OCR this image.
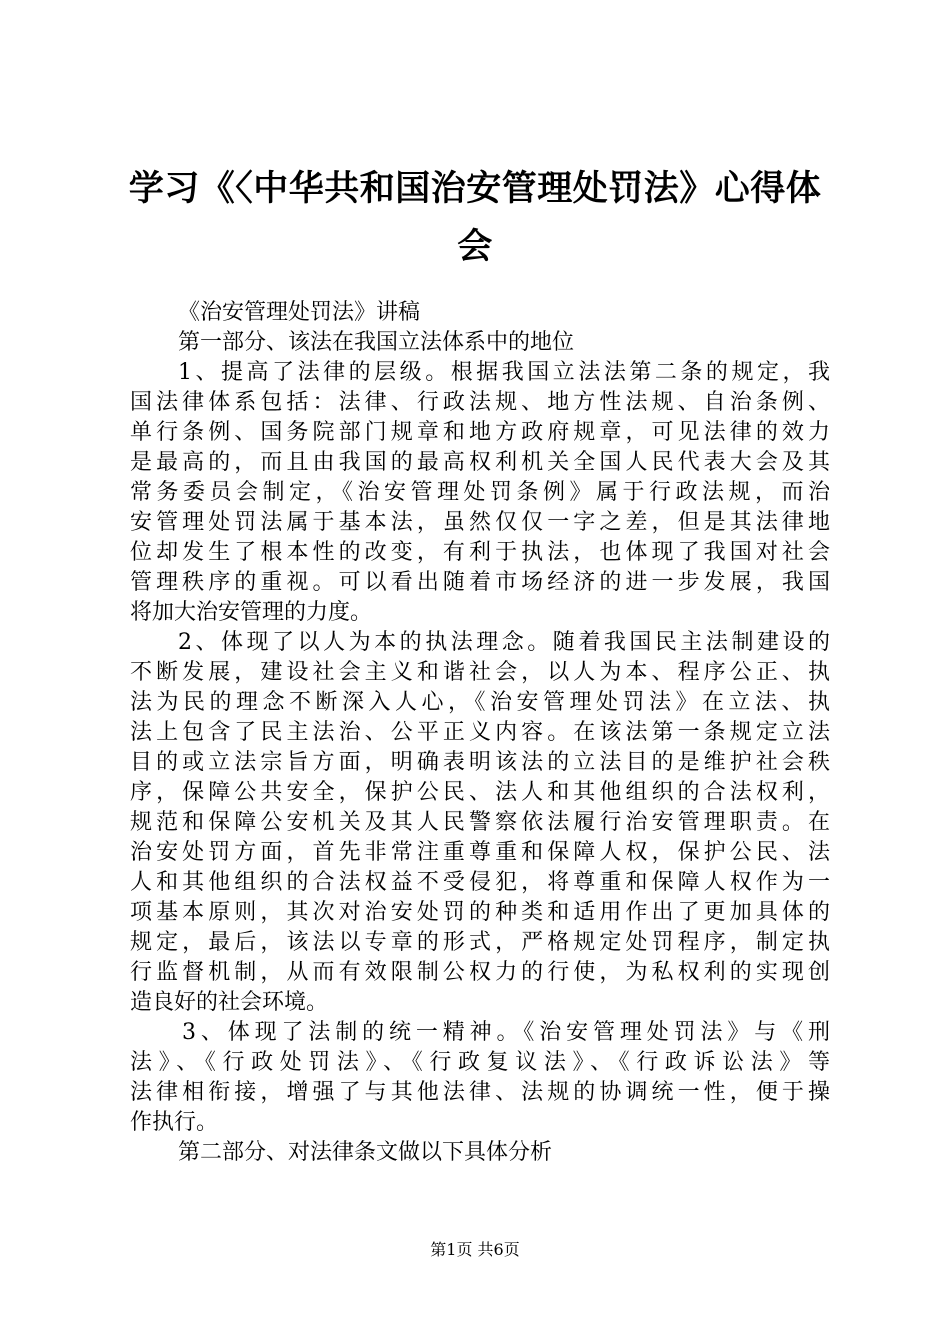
学习《〈中华共和国治安管理处罚法》心得体
会
《治安管理处罚法》讲稿
第一部分、该法在我国立法体系中的地位
1、提高了法律的层级。根据我国立法法第二条的规定，我
国法律体系包括：法律、行政法规、地方性法规、自治条例、
单行条例、国务院部门规章和地方政府规章，可见法律的效力
是最高的，而且由我国的最高权利机关全国人民代表大会及其
常务委员会制定，《治安管理处罚条例》属于行政法规，而治
安管理处罚法属于基本法，虽然仅仅一字之差，但是其法律地
位却发生了根本性的改变，有利于执法，也体现了我国对社会
管理秩序的重视。可以看出随着市场经济的进一步发展，我国
将加大治安管理的力度。
2、体现了以人为本的执法理念。随着我国民主法制建设的
不断发展，建设社会主义和谐社会，以人为本、程序公正、执
法为民的理念不断深入人心，《治安管理处罚法》在立法、执
法上包含了民主法治、公平正义内容。在该法第一条规定立法
目的或立法宗旨方面，明确表明该法的立法目的是维护社会秩
序，保障公共安全，保护公民、法人和其他组织的合法权利，
规范和保障公安机关及其人民警察依法履行治安管理职责。在
治安处罚方面，首先非常注重尊重和保障人权，保护公民、法
人和其他组织的合法权益不受侵犯，将尊重和保障人权作为一
项基本原则，其次对治安处罚的种类和适用作出了更加具体的
规定，最后，该法以专章的形式，严格规定处罚程序，制定执
行监督机制，从而有效限制公权力的行使，为私权利的实现创
造良好的社会环境。
3、体现了法制的统一精神。《治安管理处罚法》与《刑
法》、《行政处罚法》、《行政复议法》、《行政诉讼法》等
法律相衔接，增强了与其他法律、法规的协调统一性，便于操
作执行。
第二部分、对法律条文做以下具体分析
第1页 共6页
